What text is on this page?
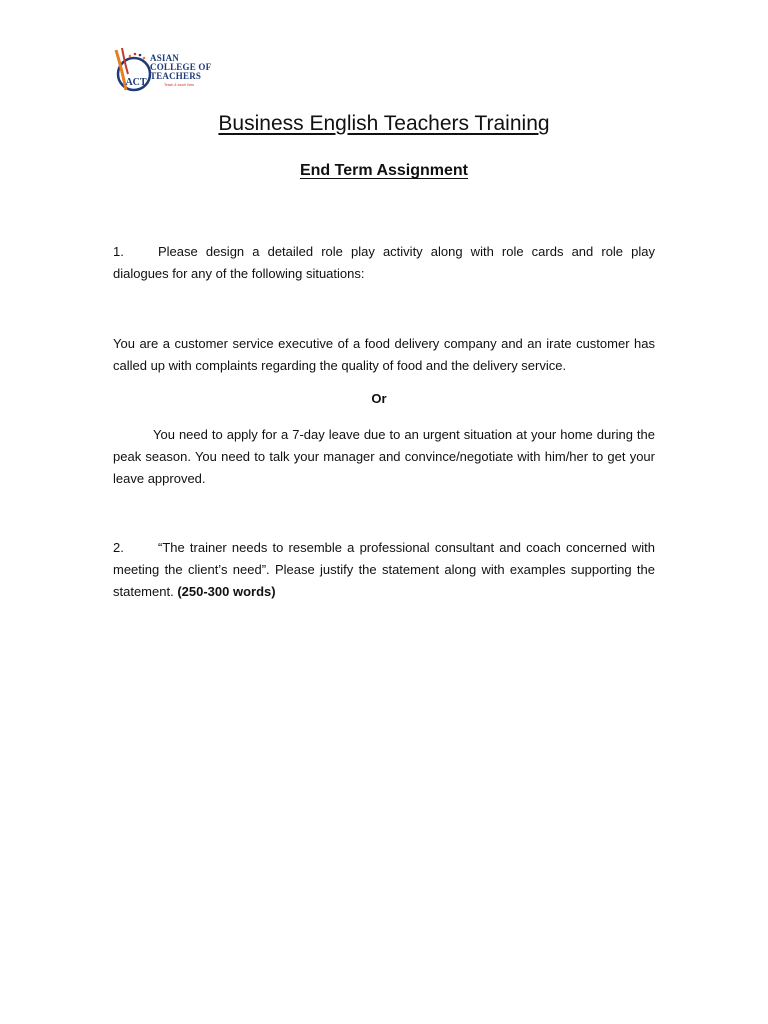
ACT
ASIAN
COLLEGE OF
TEACHERS
Teach & touch lives
Business English Teachers Training
End Term Assignment

1.	Please design a detailed role play activity along with role cards and role play dialogues for any of the following situations:

You are a customer service executive of a food delivery company and an irate customer has called up with complaints regarding the quality of food and the delivery service.

Or

You need to apply for a 7-day leave due to an urgent situation at your home during the peak season. You need to talk your manager and convince/negotiate with him/her to get your leave approved.

2.	“The trainer needs to resemble a professional consultant and coach concerned with meeting the client’s need”. Please justify the statement along with examples supporting the statement. (250-300 words)
